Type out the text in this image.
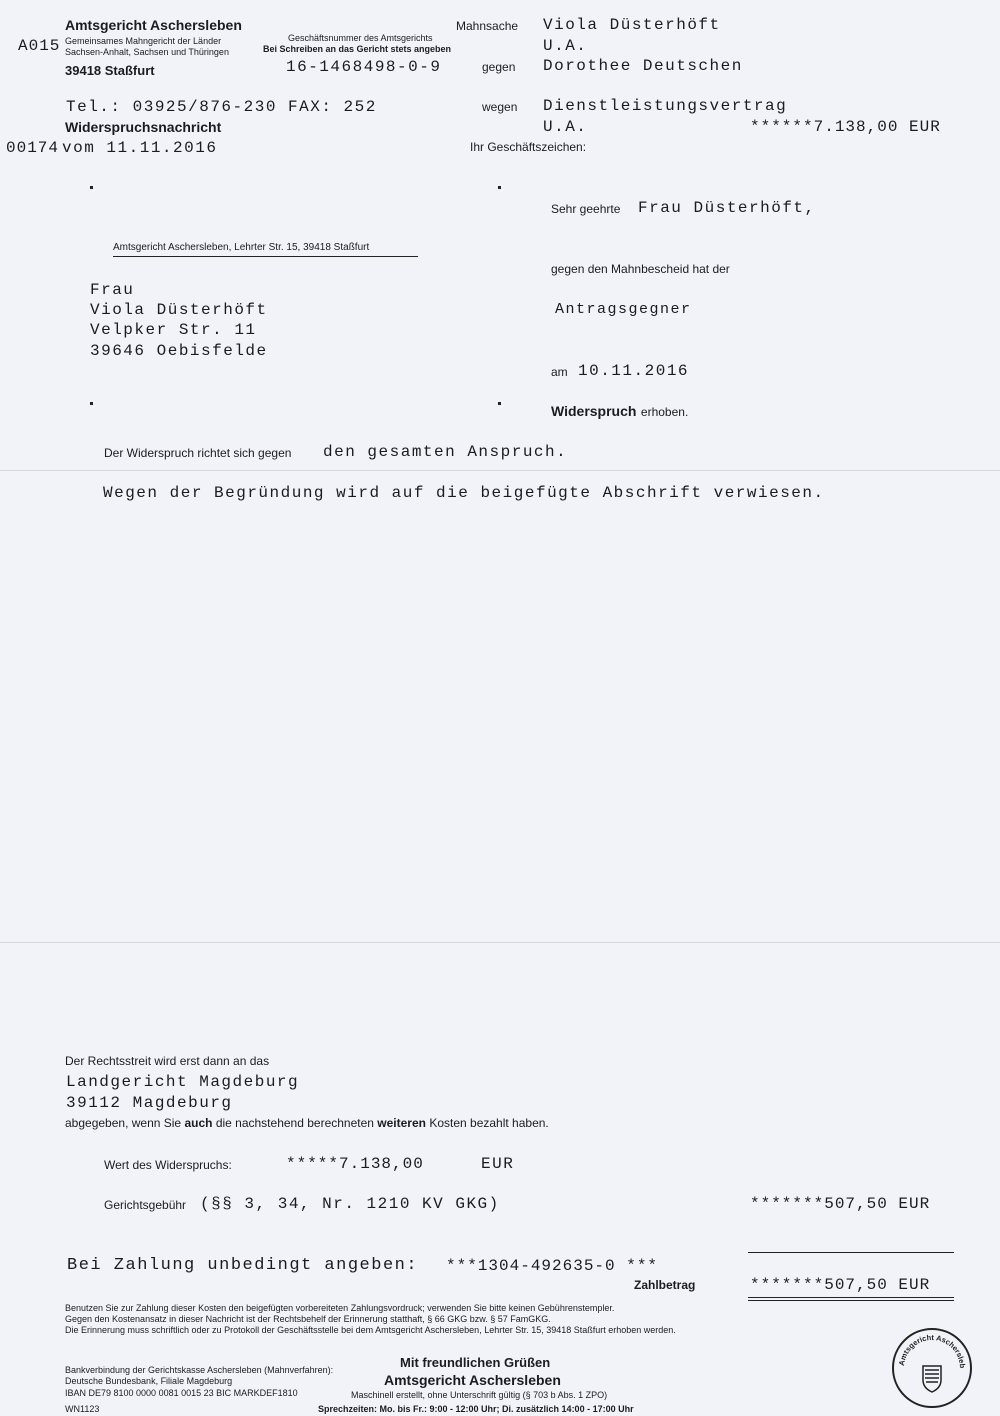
Amtsgericht Aschersleben
A015 Gemeinsames Mahngericht der Länder
Sachsen-Anhalt, Sachsen und Thüringen
39418 Staßfurt
Geschäftsnummer des Amtsgerichts
Bei Schreiben an das Gericht stets angeben
16-1468498-0-9
Tel.: 03925/876-230 FAX: 252
Widerspruchsnachricht
00174 vom 11.11.2016
Mahnsache Viola Düsterhöft
U.A.
gegen Dorothee Deutschen
wegen Dienstleistungsvertrag
U.A.	******7.138,00 EUR
Ihr Geschäftszeichen:
Amtsgericht Aschersleben, Lehrter Str. 15, 39418 Staßfurt
Frau
Viola Düsterhöft
Velpker Str. 11
39646 Oebisfelde
Sehr geehrte Frau Düsterhöft,
gegen den Mahnbescheid hat der
Antragsgegner
am 10.11.2016
Widerspruch erhoben.
Der Widerspruch richtet sich gegen den gesamten Anspruch.
Wegen der Begründung wird auf die beigefügte Abschrift verwiesen.
Der Rechtsstreit wird erst dann an das
Landgericht Magdeburg
39112 Magdeburg
abgegeben, wenn Sie auch die nachstehend berechneten weiteren Kosten bezahlt haben.
Wert des Widerspruchs:	*****7.138,00	EUR
Gerichtsgebühr (§§ 3, 34, Nr. 1210 KV GKG)	*******507,50 EUR
Bei Zahlung unbedingt angeben: ***1304-492635-0 ***
Zahlbetrag	*******507,50 EUR
Benutzen Sie zur Zahlung dieser Kosten den beigefügten vorbereiteten Zahlungsvordruck; verwenden Sie bitte keinen Gebührenstempler.
Gegen den Kostenansatz in dieser Nachricht ist der Rechtsbehelf der Erinnerung statthaft, § 66 GKG bzw. § 57 FamGKG.
Die Erinnerung muss schriftlich oder zu Protokoll der Geschäftsstelle bei dem Amtsgericht Aschersleben, Lehrter Str. 15, 39418 Staßfurt erhoben werden.
Bankverbindung der Gerichtskasse Aschersleben (Mahnverfahren):
Deutsche Bundesbank, Filiale Magdeburg
IBAN DE79 8100 0000 0081 0015 23 BIC MARKDEF1810
WN1123
Mit freundlichen Grüßen
Amtsgericht Aschersleben
Maschinell erstellt, ohne Unterschrift gültig (§ 703 b Abs. 1 ZPO)
Sprechzeiten: Mo. bis Fr.: 9:00 - 12:00 Uhr; Di. zusätzlich 14:00 - 17:00 Uhr
Amtsgericht Aschersleb
